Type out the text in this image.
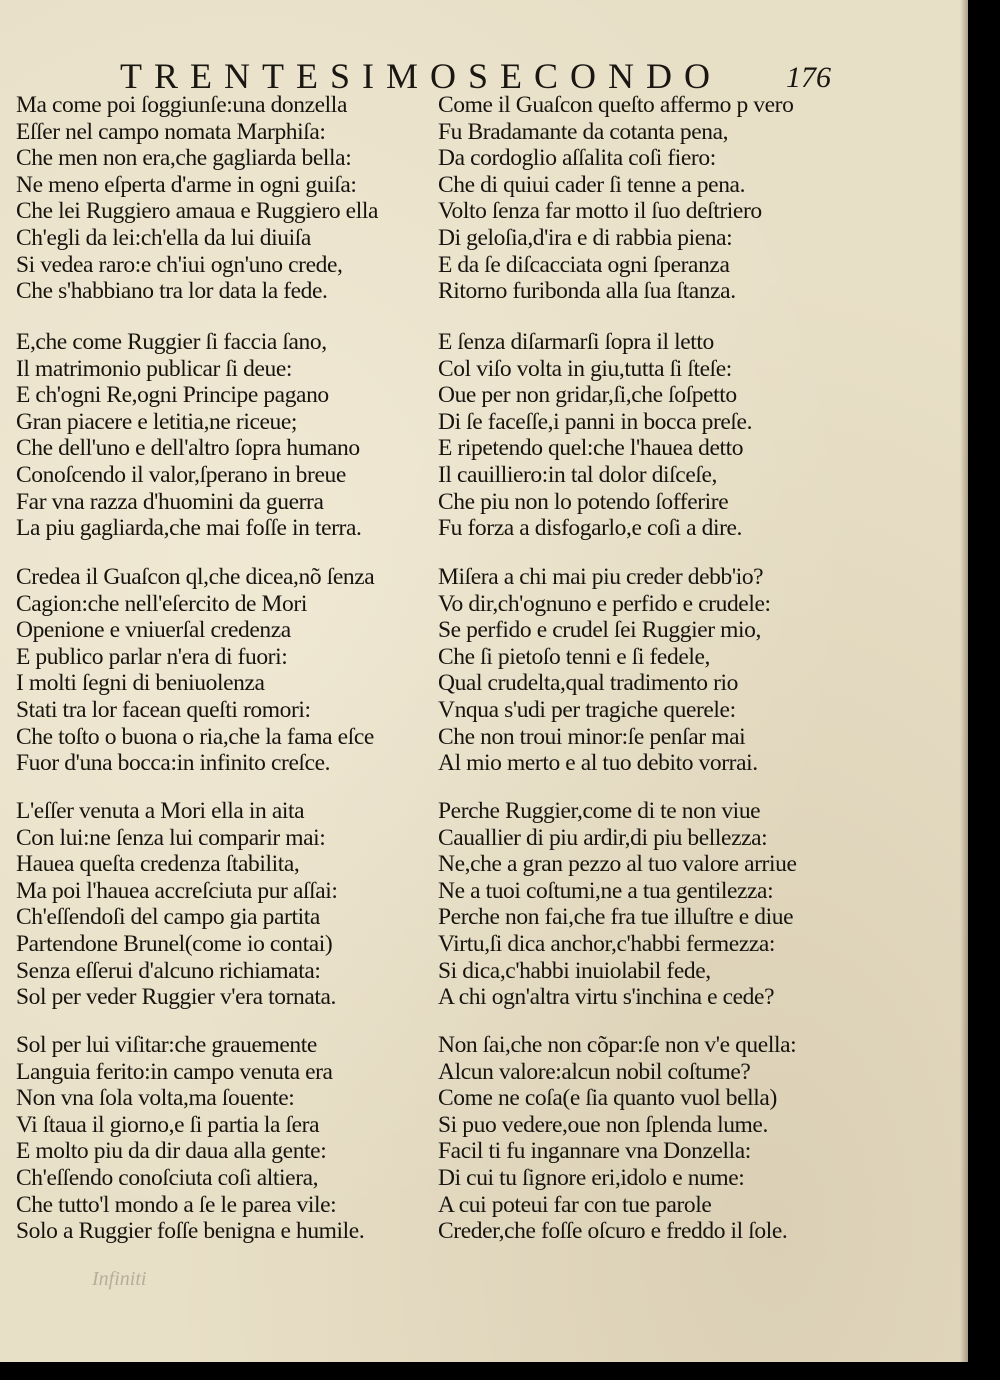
TRENTESIMOSECONDO 176
Ma come poi ſoggiunſe:una donzella
Eſſer nel campo nomata Marphiſa:
Che men non era,che gagliarda bella:
Ne meno eſperta d'arme in ogni guiſa:
Che lei Ruggiero amaua e Ruggiero ella
Ch'egli da lei:ch'ella da lui diuiſa
Si vedea raro:e ch'iui ogn'uno crede,
Che s'habbiano tra lor data la fede.
E,che come Ruggier ſi faccia ſano,
Il matrimonio publicar ſi deue:
E ch'ogni Re,ogni Principe pagano
Gran piacere e letitia,ne riceue;
Che dell'uno e dell'altro ſopra humano
Conoſcendo il valor,ſperano in breue
Far vna razza d'huomini da guerra
La piu gagliarda,che mai foſſe in terra.
Credea il Guaſcon ql,che dicea,nõ ſenza
Cagion:che nell'eſercito de Mori
Openione e vniuerſal credenza
E publico parlar n'era di fuori:
I molti ſegni di beniuolenza
Stati tra lor facean queſti romori:
Che toſto o buona o ria,che la fama eſce
Fuor d'una bocca:in infinito creſce.
L'eſſer venuta a Mori ella in aita
Con lui:ne ſenza lui comparir mai:
Hauea queſta credenza ſtabilita,
Ma poi l'hauea accreſciuta pur aſſai:
Ch'eſſendoſi del campo gia partita
Partendone Brunel(come io contai)
Senza eſſerui d'alcuno richiamata:
Sol per veder Ruggier v'era tornata.
Sol per lui viſitar:che grauemente
Languia ferito:in campo venuta era
Non vna ſola volta,ma ſouente:
Vi ſtaua il giorno,e ſi partia la ſera
E molto piu da dir daua alla gente:
Ch'eſſendo conoſciuta coſi altiera,
Che tutto'l mondo a ſe le parea vile:
Solo a Ruggier foſſe benigna e humile.
Come il Guaſcon queſto affermo p vero
Fu Bradamante da cotanta pena,
Da cordoglio aſſalita coſi fiero:
Che di quiui cader ſi tenne a pena.
Volto ſenza far motto il ſuo deſtriero
Di geloſia,d'ira e di rabbia piena:
E da ſe diſcacciata ogni ſperanza
Ritorno furibonda alla ſua ſtanza.
E ſenza diſarmarſi ſopra il letto
Col viſo volta in giu,tutta ſi ſteſe:
Oue per non gridar,ſi,che ſoſpetto
Di ſe faceſſe,i panni in bocca preſe.
E ripetendo quel:che l'hauea detto
Il cauilliero:in tal dolor diſceſe,
Che piu non lo potendo ſofferire
Fu forza a disfogarlo,e coſi a dire.
Miſera a chi mai piu creder debb'io?
Vo dir,ch'ognuno e perfido e crudele:
Se perfido e crudel ſei Ruggier mio,
Che ſi pietoſo tenni e ſi fedele,
Qual crudelta,qual tradimento rio
Vnqua s'udi per tragiche querele:
Che non troui minor:ſe penſar mai
Al mio merto e al tuo debito vorrai.
Perche Ruggier,come di te non viue
Cauallier di piu ardir,di piu bellezza:
Ne,che a gran pezzo al tuo valore arriue
Ne a tuoi coſtumi,ne a tua gentilezza:
Perche non fai,che fra tue illuſtre e diue
Virtu,ſi dica anchor,c'habbi fermezza:
Si dica,c'habbi inuiolabil fede,
A chi ogn'altra virtu s'inchina e cede?
Non ſai,che non cõpar:ſe non v'e quella:
Alcun valore:alcun nobil coſtume?
Come ne coſa(e ſia quanto vuol bella)
Si puo vedere,oue non ſplenda lume.
Facil ti fu ingannare vna Donzella:
Di cui tu ſignore eri,idolo e nume:
A cui poteui far con tue parole
Creder,che foſſe oſcuro e freddo il ſole.
Infiniti
